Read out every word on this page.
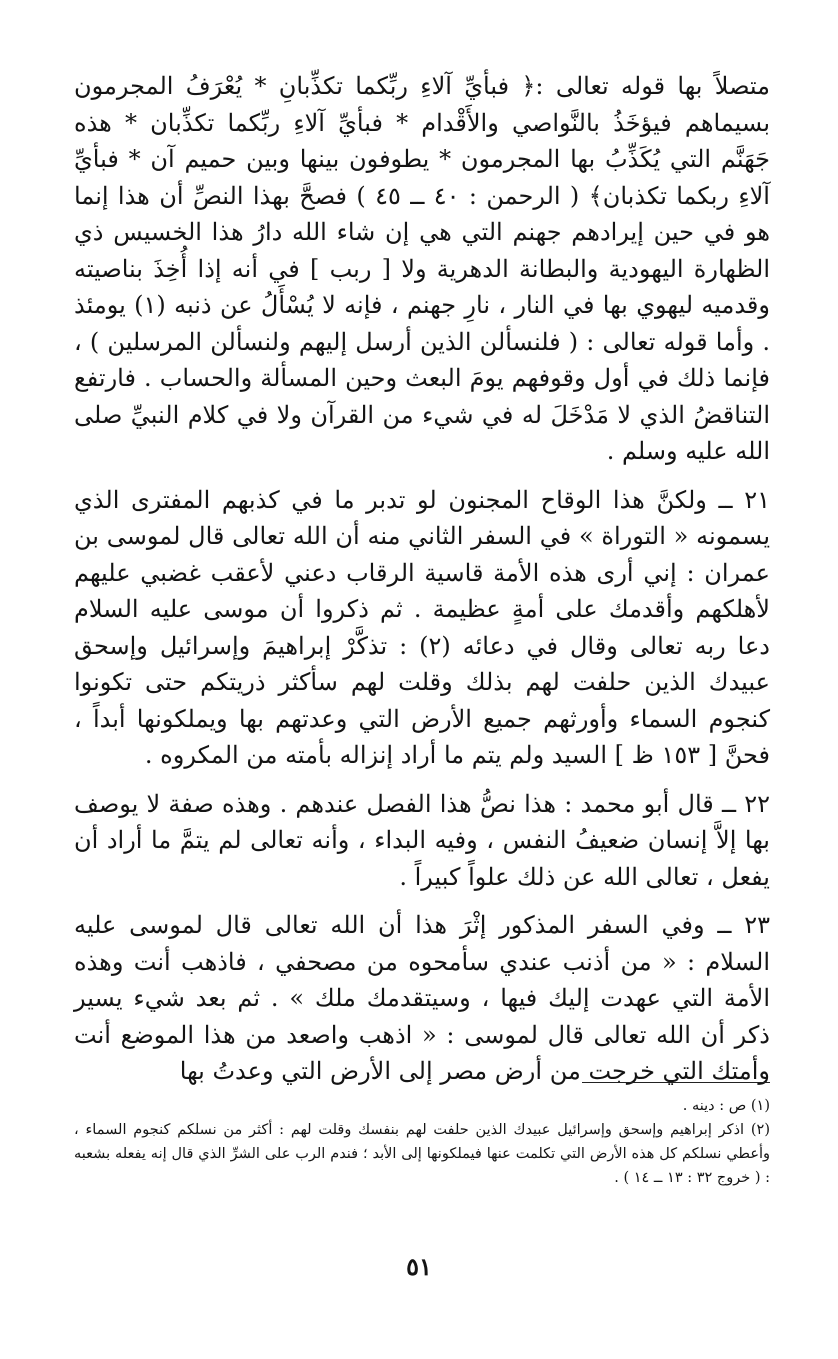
متصلاً بها قوله تعالى :﴿ فبأيِّ آلاءِ ربِّكما تكذِّبانِ * يُعْرَفُ المجرمون بسيماهم فيؤخَذُ بالنَّواصي والأَقْدام * فبأيِّ آلاءِ ربِّكما تكذِّبان * هذه جَهَنَّم التي يُكَذِّبُ بها المجرمون * يطوفون بينها وبين حميم آن * فبأيِّ آلاءِ ربكما تكذبان﴾ ( الرحمن : ٤٠ ــ ٤٥ ) فصحَّ بهذا النصِّ أن هذا إنما هو في حين إيرادهم جهنم التي هي إن شاء الله دارُ هذا الخسيس ذي الظهارة اليهودية والبطانة الدهرية ولا [ ربب ] في أنه إذا أُخِذَ بناصيته وقدميه ليهوي بها في النار ، نارِ جهنم ، فإنه لا يُسْأَلُ عن ذنبه (١) يومئذ . وأما قوله تعالى : ( فلنسألن الذين أرسل إليهم ولنسألن المرسلين ) ، فإنما ذلك في أول وقوفهم يومَ البعث وحين المسألة والحساب . فارتفع التناقضُ الذي لا مَدْخَلَ له في شيء من القرآن ولا في كلام النبيِّ صلى الله عليه وسلم .

٢١ ــ ولكنَّ هذا الوقاح المجنون لو تدبر ما في كذبهم المفترى الذي يسمونه « التوراة » في السفر الثاني منه أن الله تعالى قال لموسى بن عمران : إني أرى هذه الأمة قاسية الرقاب دعني لأعقب غضبي عليهم لأهلكهم وأقدمك على أمةٍ عظيمة . ثم ذكروا أن موسى عليه السلام دعا ربه تعالى وقال في دعائه (٢) : تذكَّرْ إبراهيمَ وإسرائيل وإسحق عبيدك الذين حلفت لهم بذلك وقلت لهم سأكثر ذريتكم حتى تكونوا كنجوم السماء وأورثهم جميع الأرض التي وعدتهم بها ويملكونها أبداً ، فحنَّ [ ١٥٣ ظ ] السيد ولم يتم ما أراد إنزاله بأمته من المكروه .

٢٢ ــ قال أبو محمد : هذا نصُّ هذا الفصل عندهم . وهذه صفة لا يوصف بها إلاَّ إنسان ضعيفُ النفس ، وفيه البداء ، وأنه تعالى لم يتمَّ ما أراد أن يفعل ، تعالى الله عن ذلك علواً كبيراً .

٢٣ ــ وفي السفر المذكور إثْرَ هذا أن الله تعالى قال لموسى عليه السلام : « من أذنب عندي سأمحوه من مصحفي ، فاذهب أنت وهذه الأمة التي عهدت إليك فيها ، وسيتقدمك ملك » . ثم بعد شيء يسير ذكر أن الله تعالى قال لموسى : « اذهب واصعد من هذا الموضع أنت وأمتك التي خرجت من أرض مصر إلى الأرض التي وعدتُ بها

(١) ص : دينه .

(٢) اذكر إبراهيم وإسحق وإسرائيل عبيدك الذين حلفت لهم بنفسك وقلت لهم : أكثر من نسلكم كنجوم السماء ، وأعطي نسلكم كل هذه الأرض التي تكلمت عنها فيملكونها إلى الأبد ؛ فندم الرب على الشرِّ الذي قال إنه يفعله بشعبه : ( خروج ٣٢ : ١٣ ــ ١٤ ) .

٥١
